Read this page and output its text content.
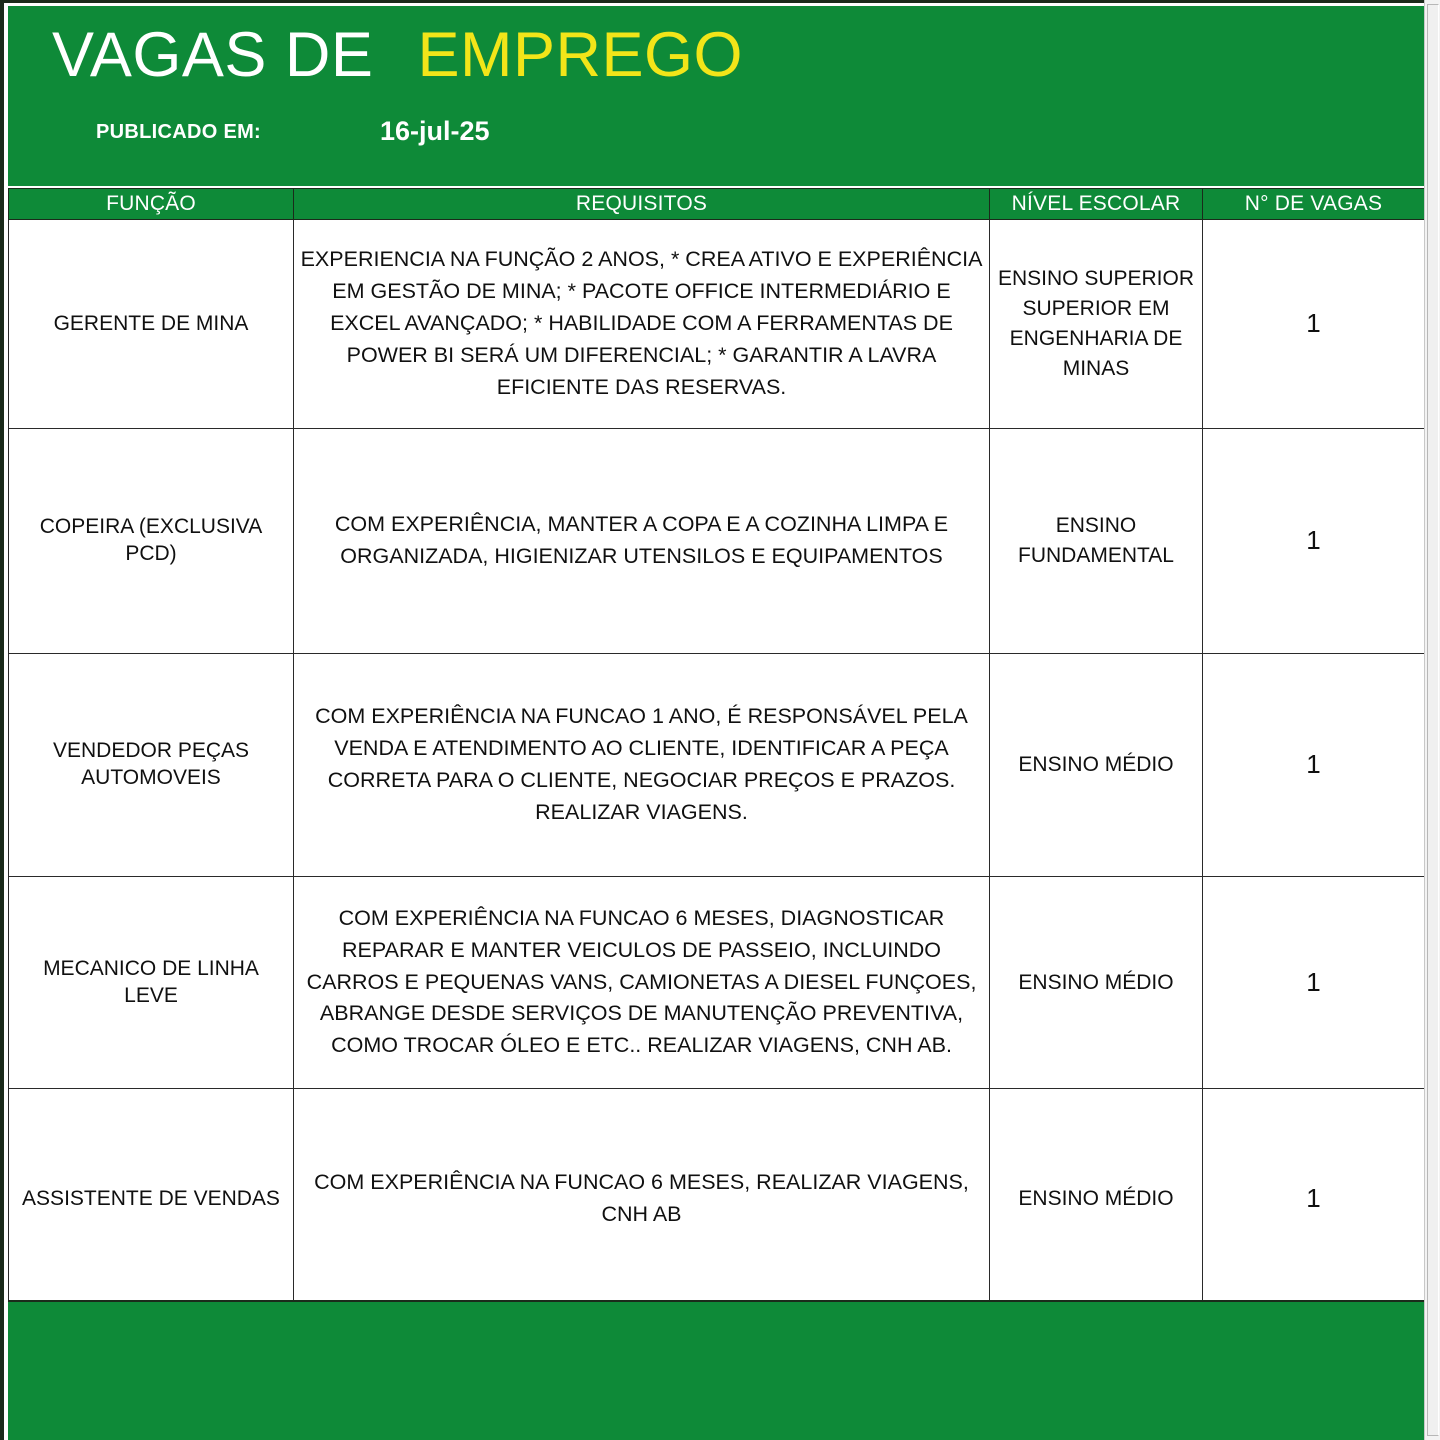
VAGAS DE EMPREGO
PUBLICADO EM:	16-jul-25
FUNÇÃO	REQUISITOS	NÍVEL ESCOLAR	N° DE VAGAS
GERENTE DE MINA	EXPERIENCIA NA FUNÇÃO 2 ANOS, * CREA ATIVO E EXPERIÊNCIA EM GESTÃO DE MINA; * PACOTE OFFICE INTERMEDIÁRIO E EXCEL AVANÇADO; * HABILIDADE COM A FERRAMENTAS DE POWER BI SERÁ UM DIFERENCIAL; * GARANTIR A LAVRA EFICIENTE DAS RESERVAS.	ENSINO SUPERIOR SUPERIOR EM ENGENHARIA DE MINAS	1
COPEIRA (EXCLUSIVA PCD)	COM EXPERIÊNCIA, MANTER A COPA E A COZINHA LIMPA E ORGANIZADA, HIGIENIZAR UTENSILOS E EQUIPAMENTOS	ENSINO FUNDAMENTAL	1
VENDEDOR PEÇAS AUTOMOVEIS	COM EXPERIÊNCIA NA FUNCAO 1 ANO, É RESPONSÁVEL PELA VENDA E ATENDIMENTO AO CLIENTE, IDENTIFICAR A PEÇA CORRETA PARA O CLIENTE, NEGOCIAR PREÇOS E PRAZOS. REALIZAR VIAGENS.	ENSINO MÉDIO	1
MECANICO DE LINHA LEVE	COM EXPERIÊNCIA NA FUNCAO 6 MESES, DIAGNOSTICAR REPARAR E MANTER VEICULOS DE PASSEIO, INCLUINDO CARROS E PEQUENAS VANS, CAMIONETAS A DIESEL FUNÇOES, ABRANGE DESDE SERVIÇOS DE MANUTENÇÃO PREVENTIVA, COMO TROCAR ÓLEO E ETC.. REALIZAR VIAGENS, CNH AB.	ENSINO MÉDIO	1
ASSISTENTE DE VENDAS	COM EXPERIÊNCIA NA FUNCAO 6 MESES, REALIZAR VIAGENS, CNH AB	ENSINO MÉDIO	1
